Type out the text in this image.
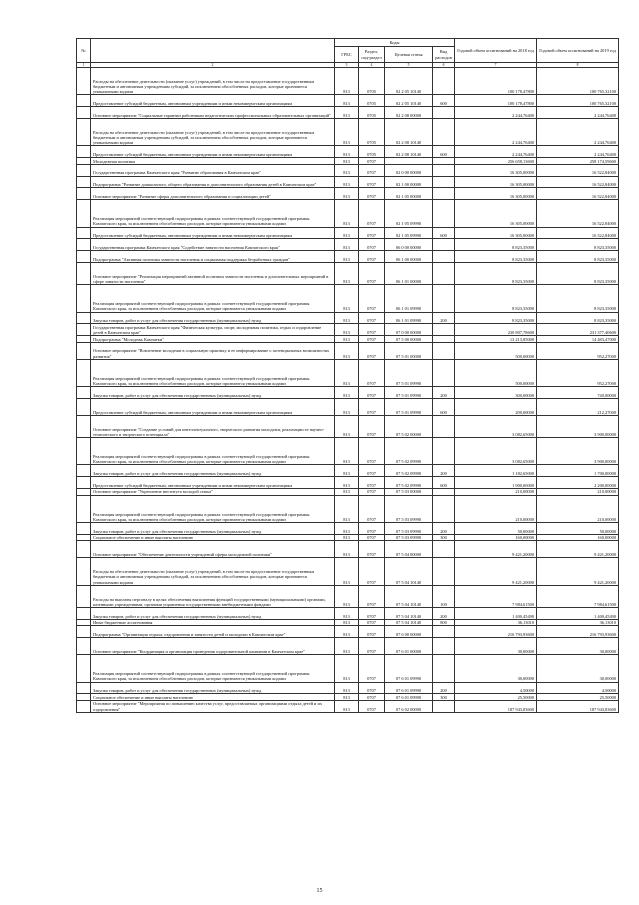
№		Коды				Годовой объем ассигнований на 2018 год	Годовой объем ассигнований на 2019 год
		ГРБС	Раздел, под-раздел	Целевая статья	Вид расходов		
1	2	3	4	5	6	7	8
	Расходы на обеспечение деятельности (оказание услуг) учреждений, в том числе на предоставление государственным бюджетным и автономным учреждениям субсидий, за исключением обособленных расходов, которые признаются уникальными кодами	813	0705	02 2 05 10140		100 178,47800	100 765,32100
	Предоставление субсидий бюджетным, автономным учреждениям и иным некоммерческим организациям	813	0705	02 2 05 10140	600	100 178,47800	100 765,32100
	Основное мероприятие "Социальные гарантии работникам педагогических профессиональных образовательных организаций"	813	0705	02 2 08 00000		2 244,76400	2 244,76400
	Расходы на обеспечение деятельности (оказание услуг) учреждений, в том числе на предоставление государственным бюджетным и автономным учреждениям субсидий, за исключением обособленных расходов, которые признаются уникальными кодами	813	0705	02 2 08 10140		2 244,76400	2 244,76400
	Предоставление субсидий бюджетным, автономным учреждениям и иным некоммерческим организациям	813	0705	02 2 08 10140	600	2 244,76400	2 244,76400
	Молодежная политика	813	0707			256 658,13600	258 174,59600
	Государственная программа Камчатского края "Развитие образования в Камчатском крае"	813	0707	02 0 00 00000		16 305,00000	16 522,84000
	Подпрограмма "Развитие дошкольного, общего образования и дополнительного образования детей в Камчатском крае"	813	0707	02 1 00 00000		16 305,00000	16 522,84000
	Основное мероприятие "Развитие сферы дополнительного образования и социализации детей"	813	0707	02 1 05 00000		16 305,00000	16 522,84000
	Реализация мероприятий соответствующей подпрограммы в рамках соответствующей государственной программы Камчатского края, за исключением обособленных расходов, которые признаются уникальными кодами	813	0707	02 1 05 09990		16 305,00000	16 522,84000
	Предоставление субсидий бюджетным, автономным учреждениям и иным некоммерческим организациям	813	0707	02 1 05 09990	600	16 305,00000	16 522,84000
	Государственная программа Камчатского края "Содействие занятости населения Камчатского края"	813	0707	06 0 00 00000		8 823,35000	8 823,35000
	Подпрограмма "Активная политика занятости населения и социальная поддержка безработных граждан"	813	0707	06 1 00 00000		8 823,35000	8 823,35000
	Основное мероприятие "Реализация мероприятий активной политики занятости населения и дополнительных мероприятий в сфере занятости населения"	813	0707	06 1 01 00000		8 823,35000	8 823,35000
	Реализация мероприятий соответствующей подпрограммы в рамках соответствующей государственной программы Камчатского края, за исключением обособленных расходов, которые признаются уникальными кодами	813	0707	06 1 01 09990		8 823,35000	8 823,35000
	Закупка товаров, работ и услуг для обеспечения государственных (муниципальных) нужд	813	0707	06 1 01 09990	200	8 823,35000	8 823,35000
	Государственная программа Камчатского края "Физическая культура, спорт, молодежная политика, отдых и оздоровление детей в Камчатском крае"	813	0707	07 0 00 00000		230 807,78600	231 377,40600
	Подпрограмма "Молодежь Камчатки"	813	0707	07 5 00 00000		13 213,85000	14 483,47000
	Основное мероприятие "Вовлечение молодежи в социальную практику и ее информирование о потенциальных возможностях развития"	813	0707	07 5 01 00000		500,00000	952,27000
	Реализация мероприятий соответствующей подпрограммы в рамках соответствующей государственной программы Камчатского края, за исключением обособленных расходов, которые признаются уникальными кодами	813	0707	07 5 01 09990		500,00000	952,27000
	Закупка товаров, работ и услуг для обеспечения государственных (муниципальных) нужд	813	0707	07 5 01 09990	200	300,00000	740,00000
	Предоставление субсидий бюджетным, автономным учреждениям и иным некоммерческим организациям	813	0707	07 5 01 09990	600	200,00000	212,27000
	Основное мероприятие "Создание условий для интеллектуального, творческого развития молодежи, реализации ее научно-технического и творческого потенциала"	813	0707	07 5 02 00000		3 082,65000	3 900,00000
	Реализация мероприятий соответствующей подпрограммы в рамках соответствующей государственной программы Камчатского края, за исключением обособленных расходов, которые признаются уникальными кодами	813	0707	07 5 02 09990		3 082,65000	3 900,00000
	Закупка товаров, работ и услуг для обеспечения государственных (муниципальных) нужд	813	0707	07 5 02 09990	200	1 182,65000	1 700,00000
	Предоставление субсидий бюджетным, автономным учреждениям и иным некоммерческим организациям	813	0707	07 5 02 09990	600	1 900,00000	2 200,00000
	Основное мероприятие "Укрепление института молодой семьи"	813	0707	07 5 03 00000		210,00000	210,00000
	Реализация мероприятий соответствующей подпрограммы в рамках соответствующей государственной программы Камчатского края, за исключением обособленных расходов, которые признаются уникальными кодами	813	0707	07 5 03 09990		210,00000	210,00000
	Закупка товаров, работ и услуг для обеспечения государственных (муниципальных) нужд	813	0707	07 5 03 09990	200	50,00000	50,00000
	Социальное обеспечение и иные выплаты населению	813	0707	07 5 03 09990	300	160,00000	160,00000
	Основное мероприятие "Обеспечение деятельности учреждений сферы молодежной политики"	813	0707	07 5 04 00000		9 421,20000	9 421,20000
	Расходы на обеспечение деятельности (оказание услуг) учреждений, в том числе на предоставление государственным бюджетным и автономным учреждениям субсидий, за исключением обособленных расходов, которые признаются уникальными кодами	813	0707	07 5 04 10140		9 421,20000	9 421,20000
	Расходы на выплаты персоналу в целях обеспечения выполнения функций государственными (муниципальными) органами, казенными учреждениями, органами управления государственными внебюджетными фондами	813	0707	07 5 04 10140	100	7 984,61500	7 984,61500
	Закупка товаров, работ и услуг для обеспечения государственных (муниципальных) нужд	813	0707	07 5 04 10140	200	1 400,45490	1 400,45490
	Иные бюджетные ассигнования	813	0707	07 5 04 10140	800	36,13010	36,13010
	Подпрограмма "Организация отдыха, оздоровления и занятости детей и молодежи в Камчатском крае"	813	0707	07 6 00 00000		216 793,93600	216 793,93600
	Основное мероприятие "Координация и организация проведения оздоровительной кампании в Камчатском крае"	813	0707	07 6 01 00000		30,00000	30,00000
	Реализация мероприятий соответствующей подпрограммы в рамках соответствующей государственной программы Камчатского края, за исключением обособленных расходов, которые признаются уникальными кодами	813	0707	07 6 01 09990		30,00000	30,00000
	Закупка товаров, работ и услуг для обеспечения государственных (муниципальных) нужд	813	0707	07 6 01 09990	200	4,50000	4,50000
	Социальное обеспечение и иные выплаты населению	813	0707	07 6 01 09990	300	25,50000	25,50000
	Основное мероприятие "Мероприятия по повышению качества услуг, предоставляемых организациями отдыха детей и их оздоровления"	813	0707	07 6 02 00000		187 943,83600	187 943,83600
15
